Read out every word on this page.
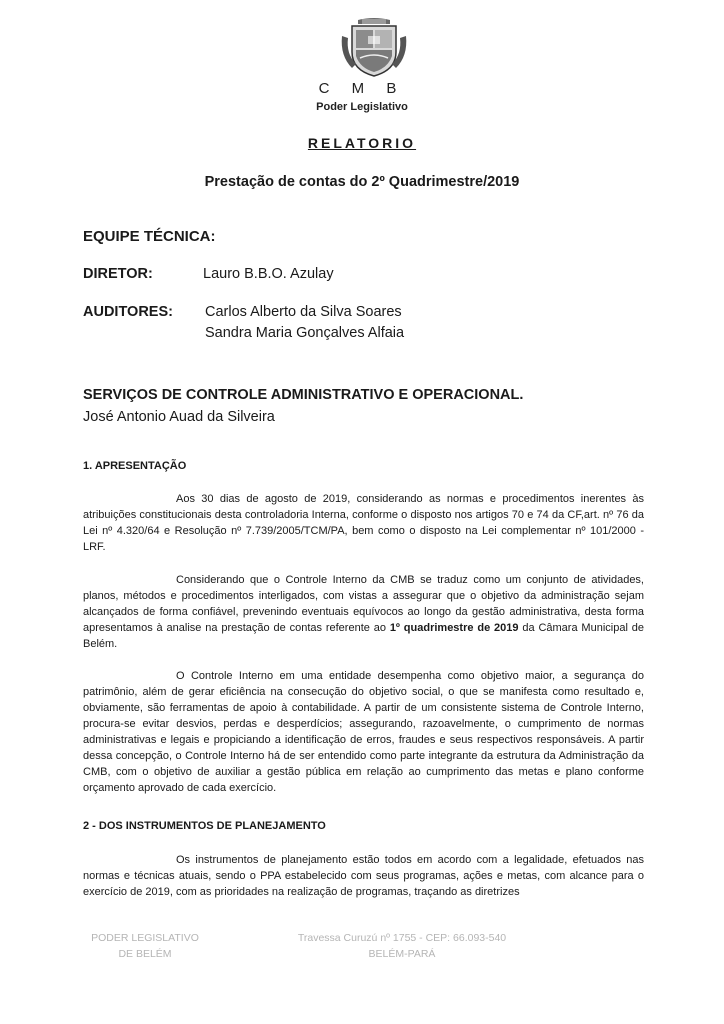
C M B
Poder Legislativo
RELATORIO
Prestação de contas do 2º Quadrimestre/2019
EQUIPE TÉCNICA:
DIRETOR:	Lauro B.B.O. Azulay
AUDITORES: Carlos Alberto da Silva Soares
Sandra Maria Gonçalves Alfaia
SERVIÇOS DE CONTROLE ADMINISTRATIVO E OPERACIONAL.
José Antonio Auad da Silveira
1. APRESENTAÇÃO

Aos 30 dias de agosto de 2019, considerando as normas e procedimentos inerentes às atribuições constitucionais desta controladoria Interna, conforme o disposto nos artigos 70 e 74 da CF,art. nº 76 da Lei nº 4.320/64 e Resolução nº 7.739/2005/TCM/PA, bem como o disposto na Lei complementar nº 101/2000 - LRF.

Considerando que o Controle Interno da CMB se traduz como um conjunto de atividades, planos, métodos e procedimentos interligados, com vistas a assegurar que o objetivo da administração sejam alcançados de forma confiável, prevenindo eventuais equívocos ao longo da gestão administrativa, desta forma apresentamos à analise na prestação de contas referente ao 1º quadrimestre de 2019 da Câmara Municipal de Belém.

O Controle Interno em uma entidade desempenha como objetivo maior, a segurança do patrimônio, além de gerar eficiência na consecução do objetivo social, o que se manifesta como resultado e, obviamente, são ferramentas de apoio à contabilidade. A partir de um consistente sistema de Controle Interno, procura-se evitar desvios, perdas e desperdícios; assegurando, razoavelmente, o cumprimento de normas administrativas e legais e propiciando a identificação de erros, fraudes e seus respectivos responsáveis. A partir dessa concepção, o Controle Interno há de ser entendido como parte integrante da estrutura da Administração da CMB, com o objetivo de auxiliar a gestão pública em relação ao cumprimento das metas e plano conforme orçamento aprovado de cada exercício.

2 - DOS INSTRUMENTOS DE PLANEJAMENTO

Os instrumentos de planejamento estão todos em acordo com a legalidade, efetuados nas normas e técnicas atuais, sendo o PPA estabelecido com seus programas, ações e metas, com alcance para o exercício de 2019, com as prioridades na realização de programas, traçando as diretrizes

PODER LEGISLATIVO
DE BELÉM
Travessa Curuzú nº 1755 - CEP: 66.093-540
BELÉM-PARÁ
